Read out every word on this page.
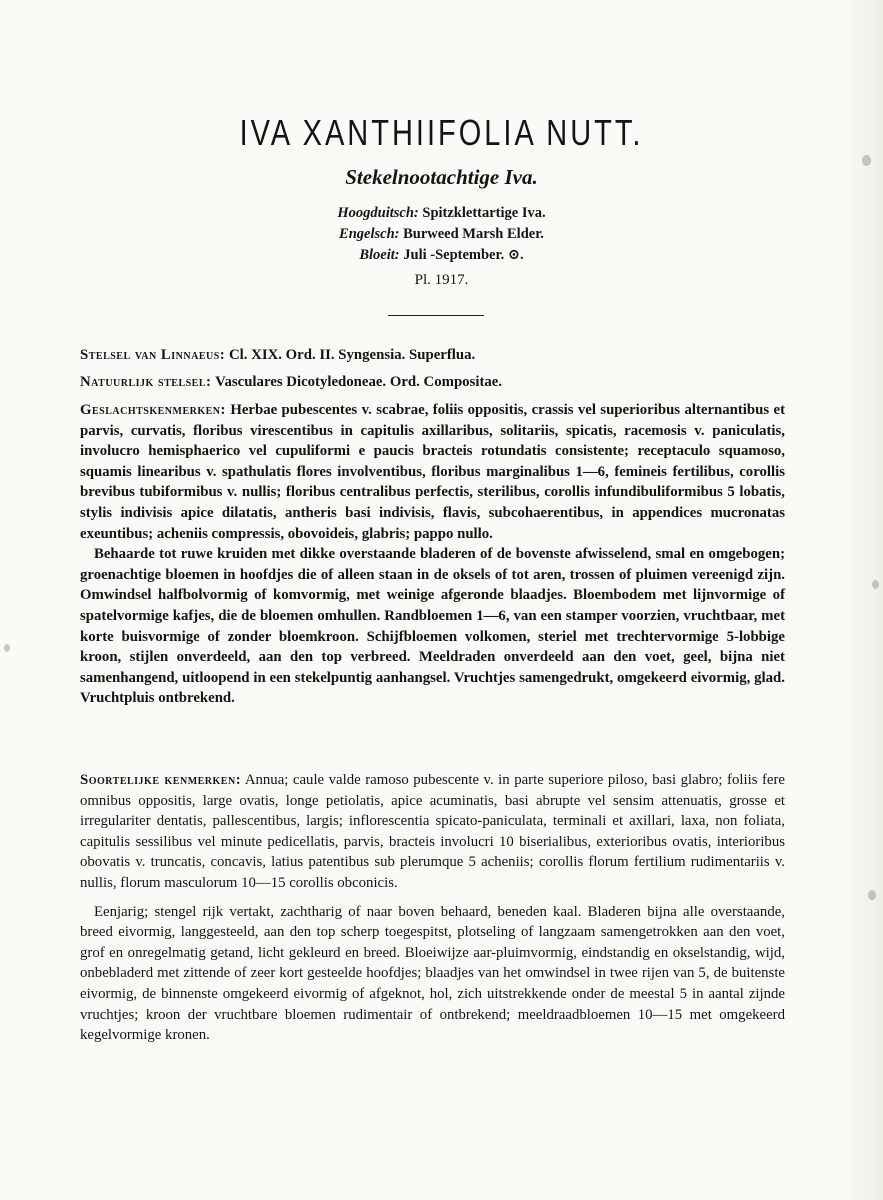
IVA XANTHIIFOLIA NUTT.
Stekelnootachtige Iva.
Hoogduitsch: Spitzklettartige Iva.
Engelsch: Burweed Marsh Elder.
Bloeit: Juli -September. ⊙.
Pl. 1917.
Stelsel van Linnaeus: Cl. XIX. Ord. II. Syngensia. Superflua.
Natuurlijk stelsel: Vasculares Dicotyledoneae. Ord. Compositae.
Geslachtskenmerken: Herbae pubescentes v. scabrae, foliis oppositis, crassis vel superioribus alternantibus et parvis, curvatis, floribus virescentibus in capitulis axillaribus, solitariis, spicatis, racemosis v. paniculatis, involucro hemisphaerico vel cupuliformi e paucis bracteis rotundatis consistente; receptaculo squamoso, squamis linearibus v. spathulatis flores involventibus, floribus marginalibus 1—6, femineis fertilibus, corollis brevibus tubiformibus v. nullis; floribus centralibus perfectis, sterilibus, corollis infundibuliformibus 5 lobatis, stylis indivisis apice dilatatis, antheris basi indivisis, flavis, subcohaerentibus, in appendices mucronatas exeuntibus; acheniis compressis, obovoideis, glabris; pappo nullo.
Behaarde tot ruwe kruiden met dikke overstaande bladeren of de bovenste afwisselend, smal en omgebogen; groenachtige bloemen in hoofdjes die of alleen staan in de oksels of tot aren, trossen of pluimen vereenigd zijn. Omwindsel halfbolvormig of komvormig, met weinige afgeronde blaadjes. Bloembodem met lijnvormige of spatelvormige kafjes, die de bloemen omhullen. Randbloemen 1—6, van een stamper voorzien, vruchtbaar, met korte buisvormige of zonder bloemkroon. Schijfbloemen volkomen, steriel met trechtervormige 5-lobbige kroon, stijlen onverdeeld, aan den top verbreed. Meeldraden onverdeeld aan den voet, geel, bijna niet samenhangend, uitloopend in een stekelpuntig aanhangsel. Vruchtjes samengedrukt, omgekeerd eivormig, glad. Vruchtpluis ontbrekend.
Soortelijke kenmerken: Annua; caule valde ramoso pubescente v. in parte superiore piloso, basi glabro; foliis fere omnibus oppositis, large ovatis, longe petiolatis, apice acuminatis, basi abrupte vel sensim attenuatis, grosse et irregulariter dentatis, pallescentibus, largis; inflorescentia spicato-paniculata, terminali et axillari, laxa, non foliata, capitulis sessilibus vel minute pedicellatis, parvis, bracteis involucri 10 biserialibus, exterioribus ovatis, interioribus obovatis v. truncatis, concavis, latius patentibus sub plerumque 5 acheniis; corollis florum fertilium rudimentariis v. nullis, florum masculorum 10—15 corollis obconicis.
Eenjarig; stengel rijk vertakt, zachtharig of naar boven behaard, beneden kaal. Bladeren bijna alle overstaande, breed eivormig, langgesteeld, aan den top scherp toegespitst, plotseling of langzaam samengetrokken aan den voet, grof en onregelmatig getand, licht gekleurd en breed. Bloeiwijze aar-pluimvormig, eindstandig en okselstandig, wijd, onbebladerd met zittende of zeer kort gesteelde hoofdjes; blaadjes van het omwindsel in twee rijen van 5, de buitenste eivormig, de binnenste omgekeerd eivormig of afgeknot, hol, zich uitstrekkende onder de meestal 5 in aantal zijnde vruchtjes; kroon der vruchtbare bloemen rudimentair of ontbrekend; meeldraadbloemen 10—15 met omgekeerd kegelvormige kronen.
